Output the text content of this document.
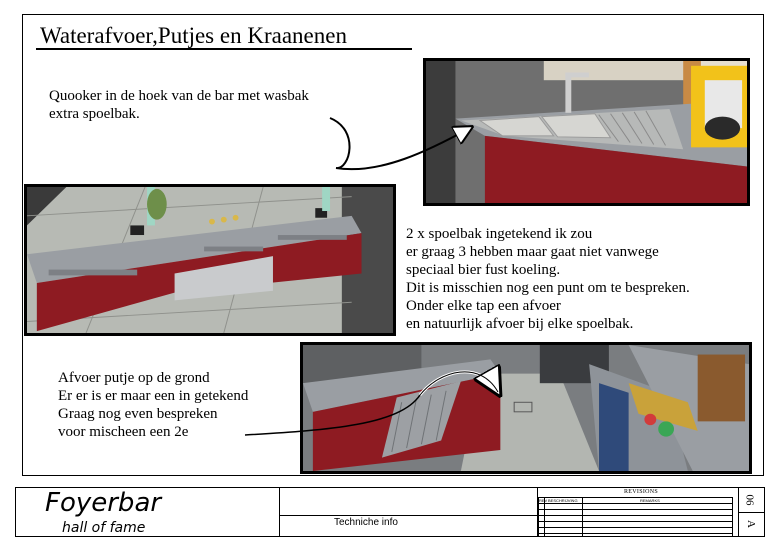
Waterafvoer,Putjes en Kraanenen
Quooker in de hoek van de bar met wasbak
extra spoelbak.
2 x spoelbak ingetekend ik zou
er graag 3 hebben maar gaat niet vanwege
speciaal bier fust koeling.
Dit is misschien nog een punt om te bespreken.
Onder elke tap een afvoer
en natuurlijk afvoer bij elke spoelbak.
Afvoer putje op de grond
Er er is er maar een in getekend
Graag nog even bespreken
voor mischeen een 2e
Foyerbar
hall of fame	Techniche info
REVISIONS
REV BESCHRIJVING	REMARKS	06
A
